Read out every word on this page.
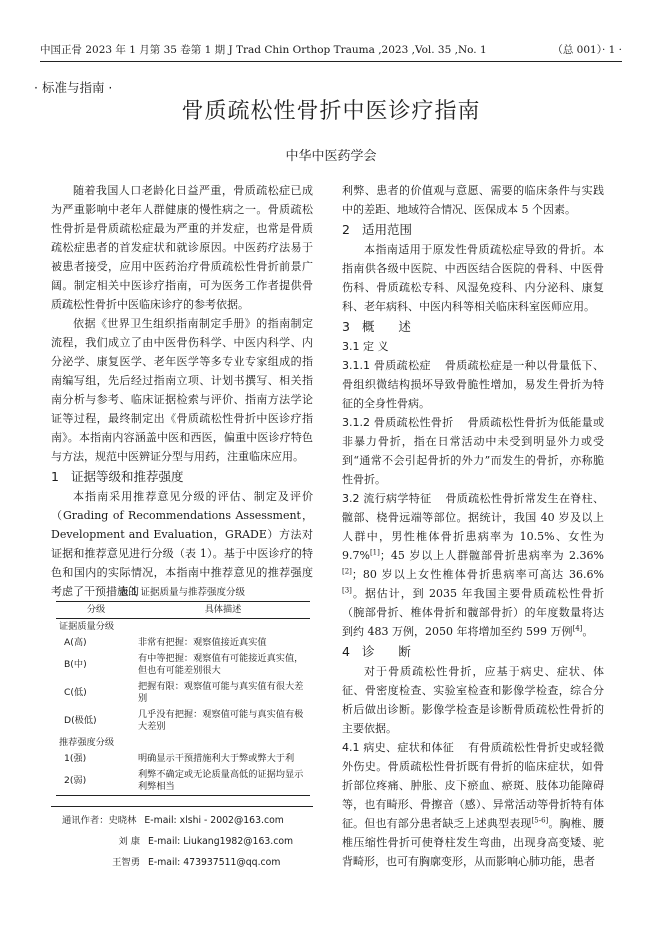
中国正骨 2023 年 1 月第 35 卷第 1 期 J Trad Chin Orthop Trauma ,2023 ,Vol. 35 ,No. 1	（总 001）· 1 ·
· 标准与指南 ·
骨质疏松性骨折中医诊疗指南
中华中医药学会

随着我国人口老龄化日益严重，骨质疏松症已成为严重影响中老年人群健康的慢性病之一。骨质疏松性骨折是骨质疏松症最为严重的并发症，也常是骨质疏松症患者的首发症状和就诊原因。中医药疗法易于被患者接受，应用中医药治疗骨质疏松性骨折前景广阔。制定相关中医诊疗指南，可为医务工作者提供骨质疏松性骨折中医临床诊疗的参考依据。

依据《世界卫生组织指南制定手册》的指南制定流程，我们成立了由中医骨伤科学、中医内科学、内分泌学、康复医学、老年医学等多专业专家组成的指南编写组，先后经过指南立项、计划书撰写、相关指南分析与参考、临床证据检索与评价、指南方法学论证等过程，最终制定出《骨质疏松性骨折中医诊疗指南》。本指南内容涵盖中医和西医，偏重中医诊疗特色与方法，规范中医辨证分型与用药，注重临床应用。

1 证据等级和推荐强度

本指南采用推荐意见分级的评估、制定及评价（Grading of Recommendations Assessment，Development and Evaluation，GRADE）方法对证据和推荐意见进行分级（表 1）。基于中医诊疗的特色和国内的实际情况，本指南中推荐意见的推荐强度考虑了干预措施的

表 1 证据质量与推荐强度分级
分级	具体描述
证据质量分级	
A(高)	非常有把握：观察值接近真实值
B(中)	有中等把握：观察值有可能接近真实值，但也有可能差别很大
C(低)	把握有限：观察值可能与真实值有很大差别
D(极低)	几乎没有把握：观察值可能与真实值有极大差别
推荐强度分级	
1(强)	明确显示干预措施利大于弊或弊大于利
2(弱)	利弊不确定或无论质量高低的证据均显示利弊相当
通讯作者：史晓林 E-mail: xlshi - 2002@163.com
刘 康 E-mail: Liukang1982@163.com
王智勇 E-mail: 473937511@qq.com

利弊、患者的价值观与意愿、需要的临床条件与实践中的差距、地域符合情况、医保成本 5 个因素。

2 适用范围

本指南适用于原发性骨质疏松症导致的骨折。本指南供各级中医院、中西医结合医院的骨科、中医骨伤科、骨质疏松专科、风湿免疫科、内分泌科、康复科、老年病科、中医内科等相关临床科室医师应用。

3 概 述
3.1 定 义

3.1.1 骨质疏松症 骨质疏松症是一种以骨量低下、骨组织微结构损坏导致骨脆性增加，易发生骨折为特征的全身性骨病。

3.1.2 骨质疏松性骨折 骨质疏松性骨折为低能量或非暴力骨折，指在日常活动中未受到明显外力或受到“通常不会引起骨折的外力”而发生的骨折，亦称脆性骨折。

3.2 流行病学特征 骨质疏松性骨折常发生在脊柱、髋部、桡骨远端等部位。据统计，我国 40 岁及以上人群中，男性椎体骨折患病率为 10.5%、女性为 9.7%[1]；45 岁以上人群髋部骨折患病率为 2.36%[2]；80 岁以上女性椎体骨折患病率可高达 36.6%[3]。据估计，到 2035 年我国主要骨质疏松性骨折（腕部骨折、椎体骨折和髋部骨折）的年度数量将达到约 483 万例，2050 年将增加至约 599 万例[4]。

4 诊 断

对于骨质疏松性骨折，应基于病史、症状、体征、骨密度检查、实验室检查和影像学检查，综合分析后做出诊断。影像学检查是诊断骨质疏松性骨折的主要依据。

4.1 病史、症状和体征 有骨质疏松性骨折史或轻微外伤史。骨质疏松性骨折既有骨折的临床症状，如骨折部位疼痛、肿胀、皮下瘀血、瘀斑、肢体功能障碍等，也有畸形、骨擦音（感）、异常活动等骨折特有体征。但也有部分患者缺乏上述典型表现[5-6]。胸椎、腰椎压缩性骨折可使脊柱发生弯曲，出现身高变矮、驼背畸形，也可有胸廓变形，从而影响心肺功能，患者
